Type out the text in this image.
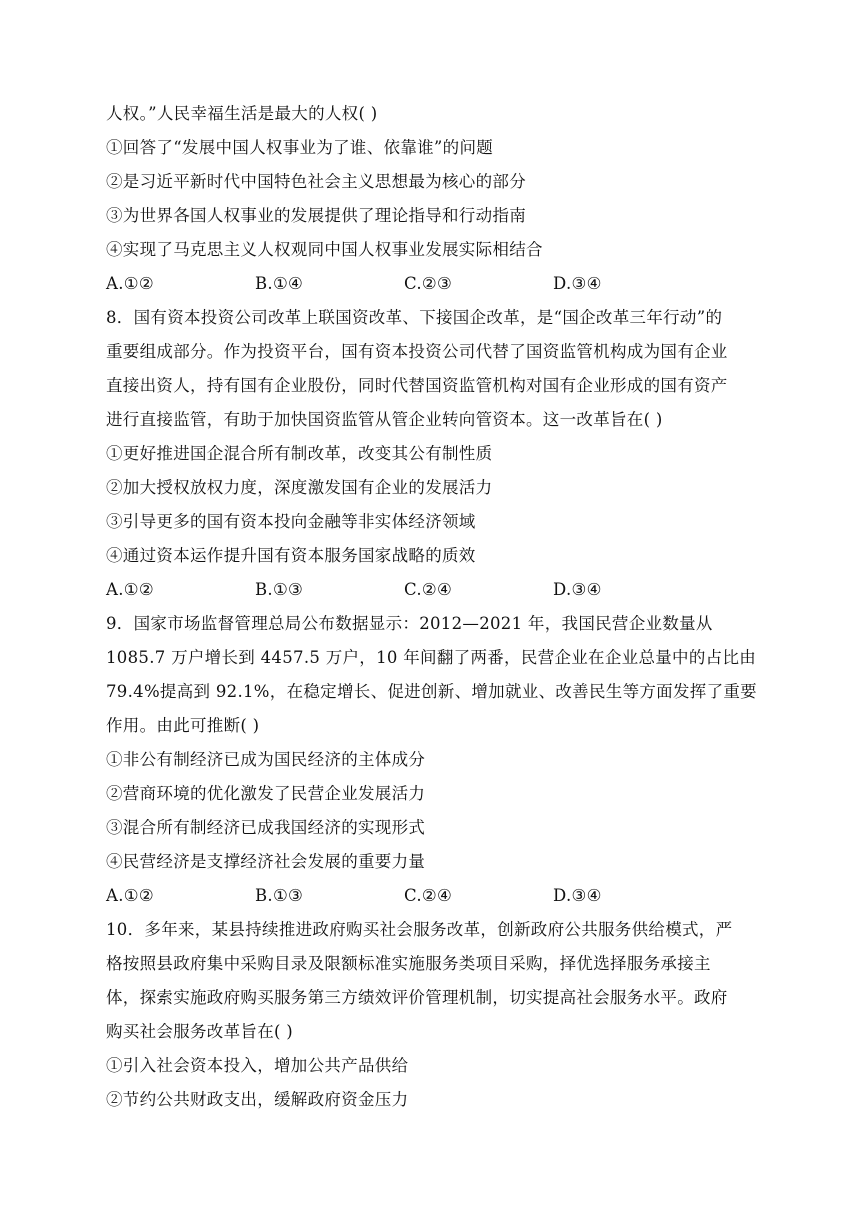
人权。”人民幸福生活是最大的人权( )
①回答了“发展中国人权事业为了谁、依靠谁”的问题
②是习近平新时代中国特色社会主义思想最为核心的部分
③为世界各国人权事业的发展提供了理论指导和行动指南
④实现了马克思主义人权观同中国人权事业发展实际相结合
A.①②	B.①④	C.②③	D.③④
8．国有资本投资公司改革上联国资改革、下接国企改革，是“国企改革三年行动”的
重要组成部分。作为投资平台，国有资本投资公司代替了国资监管机构成为国有企业
直接出资人，持有国有企业股份，同时代替国资监管机构对国有企业形成的国有资产
进行直接监管，有助于加快国资监管从管企业转向管资本。这一改革旨在( )
①更好推进国企混合所有制改革，改变其公有制性质
②加大授权放权力度，深度激发国有企业的发展活力
③引导更多的国有资本投向金融等非实体经济领域
④通过资本运作提升国有资本服务国家战略的质效
A.①②	B.①③	C.②④	D.③④
9．国家市场监督管理总局公布数据显示：2012—2021 年，我国民营企业数量从
1085.7 万户增长到 4457.5 万户，10 年间翻了两番，民营企业在企业总量中的占比由
79.4%提高到 92.1%，在稳定增长、促进创新、增加就业、改善民生等方面发挥了重要
作用。由此可推断( )
①非公有制经济已成为国民经济的主体成分
②营商环境的优化激发了民营企业发展活力
③混合所有制经济已成我国经济的实现形式
④民营经济是支撑经济社会发展的重要力量
A.①②	B.①③	C.②④	D.③④
10．多年来，某县持续推进政府购买社会服务改革，创新政府公共服务供给模式，严
格按照县政府集中采购目录及限额标准实施服务类项目采购，择优选择服务承接主
体，探索实施政府购买服务第三方绩效评价管理机制，切实提高社会服务水平。政府
购买社会服务改革旨在( )
①引入社会资本投入，增加公共产品供给
②节约公共财政支出，缓解政府资金压力
